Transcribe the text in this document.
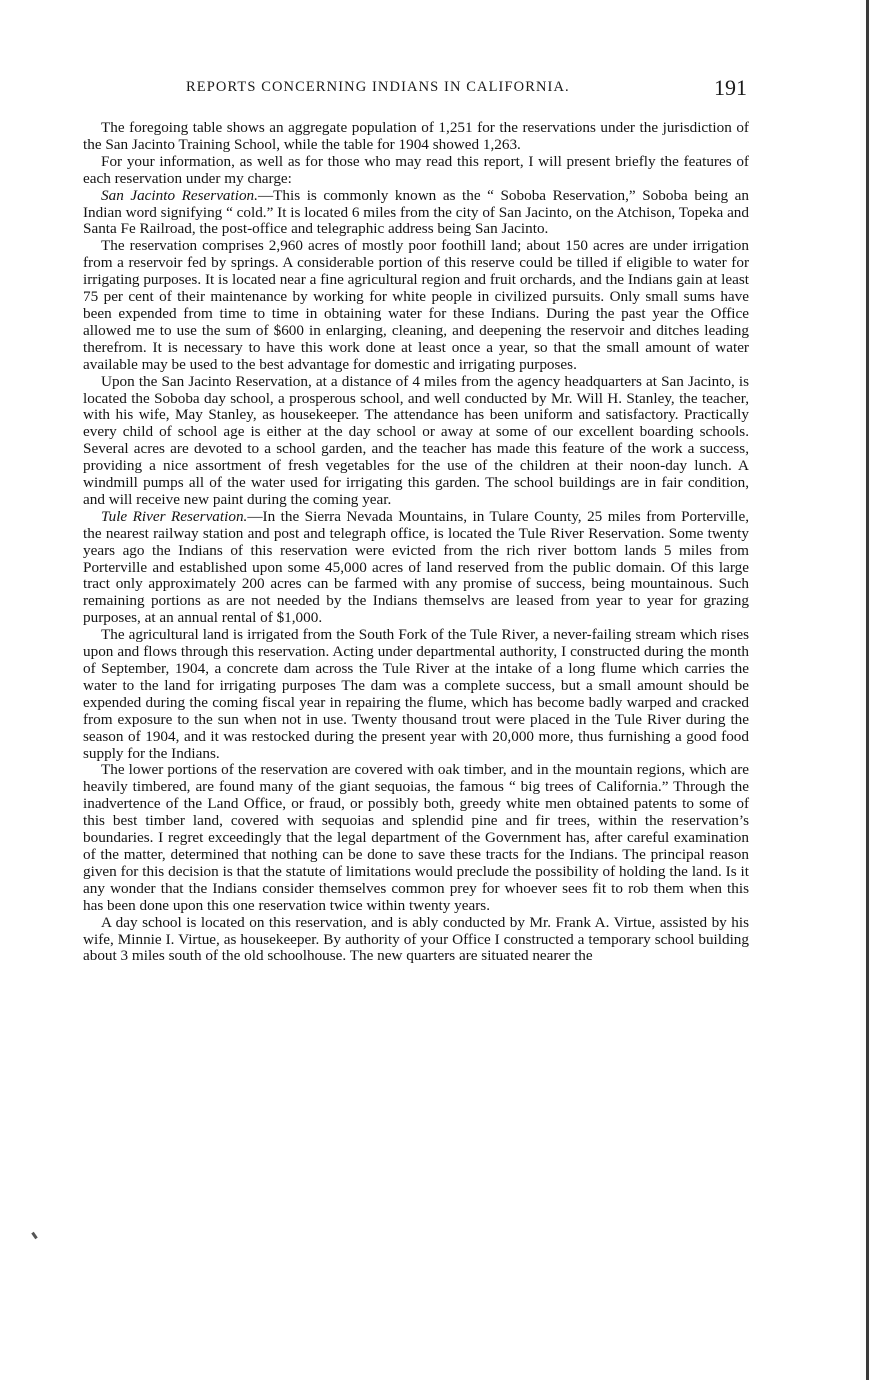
REPORTS CONCERNING INDIANS IN CALIFORNIA.	191

The foregoing table shows an aggregate population of 1,251 for the reservations under the jurisdiction of the San Jacinto Training School, while the table for 1904 showed 1,263.

For your information, as well as for those who may read this report, I will present briefly the features of each reservation under my charge:

San Jacinto Reservation.—This is commonly known as the “ Soboba Reservation,” Soboba being an Indian word signifying “ cold.” It is located 6 miles from the city of San Jacinto, on the Atchison, Topeka and Santa Fe Railroad, the post-office and telegraphic address being San Jacinto.

The reservation comprises 2,960 acres of mostly poor foothill land; about 150 acres are under irrigation from a reservoir fed by springs. A considerable portion of this reserve could be tilled if eligible to water for irrigating purposes. It is located near a fine agricultural region and fruit orchards, and the Indians gain at least 75 per cent of their maintenance by working for white people in civilized pursuits. Only small sums have been expended from time to time in obtaining water for these Indians. During the past year the Office allowed me to use the sum of $600 in enlarging, cleaning, and deepening the reservoir and ditches leading therefrom. It is necessary to have this work done at least once a year, so that the small amount of water available may be used to the best advantage for domestic and irrigating purposes.

Upon the San Jacinto Reservation, at a distance of 4 miles from the agency headquarters at San Jacinto, is located the Soboba day school, a prosperous school, and well conducted by Mr. Will H. Stanley, the teacher, with his wife, May Stanley, as housekeeper. The attendance has been uniform and satisfactory. Practically every child of school age is either at the day school or away at some of our excellent boarding schools. Several acres are devoted to a school garden, and the teacher has made this feature of the work a success, providing a nice assortment of fresh vegetables for the use of the children at their noon-day lunch. A windmill pumps all of the water used for irrigating this garden. The school buildings are in fair condition, and will receive new paint during the coming year.

Tule River Reservation.—In the Sierra Nevada Mountains, in Tulare County, 25 miles from Porterville, the nearest railway station and post and telegraph office, is located the Tule River Reservation. Some twenty years ago the Indians of this reservation were evicted from the rich river bottom lands 5 miles from Porterville and established upon some 45,000 acres of land reserved from the public domain. Of this large tract only approximately 200 acres can be farmed with any promise of success, being mountainous. Such remaining portions as are not needed by the Indians themselvs are leased from year to year for grazing purposes, at an annual rental of $1,000.

The agricultural land is irrigated from the South Fork of the Tule River, a never-failing stream which rises upon and flows through this reservation. Acting under departmental authority, I constructed during the month of September, 1904, a concrete dam across the Tule River at the intake of a long flume which carries the water to the land for irrigating purposes The dam was a complete success, but a small amount should be expended during the coming fiscal year in repairing the flume, which has become badly warped and cracked from exposure to the sun when not in use. Twenty thousand trout were placed in the Tule River during the season of 1904, and it was restocked during the present year with 20,000 more, thus furnishing a good food supply for the Indians.

The lower portions of the reservation are covered with oak timber, and in the mountain regions, which are heavily timbered, are found many of the giant sequoias, the famous “ big trees of California.” Through the inadvertence of the Land Office, or fraud, or possibly both, greedy white men obtained patents to some of this best timber land, covered with sequoias and splendid pine and fir trees, within the reservation’s boundaries. I regret exceedingly that the legal department of the Government has, after careful examination of the matter, determined that nothing can be done to save these tracts for the Indians. The principal reason given for this decision is that the statute of limitations would preclude the possibility of holding the land. Is it any wonder that the Indians consider themselves common prey for whoever sees fit to rob them when this has been done upon this one reservation twice within twenty years.

A day school is located on this reservation, and is ably conducted by Mr. Frank A. Virtue, assisted by his wife, Minnie I. Virtue, as housekeeper. By authority of your Office I constructed a temporary school building about 3 miles south of the old schoolhouse. The new quarters are situated nearer the
